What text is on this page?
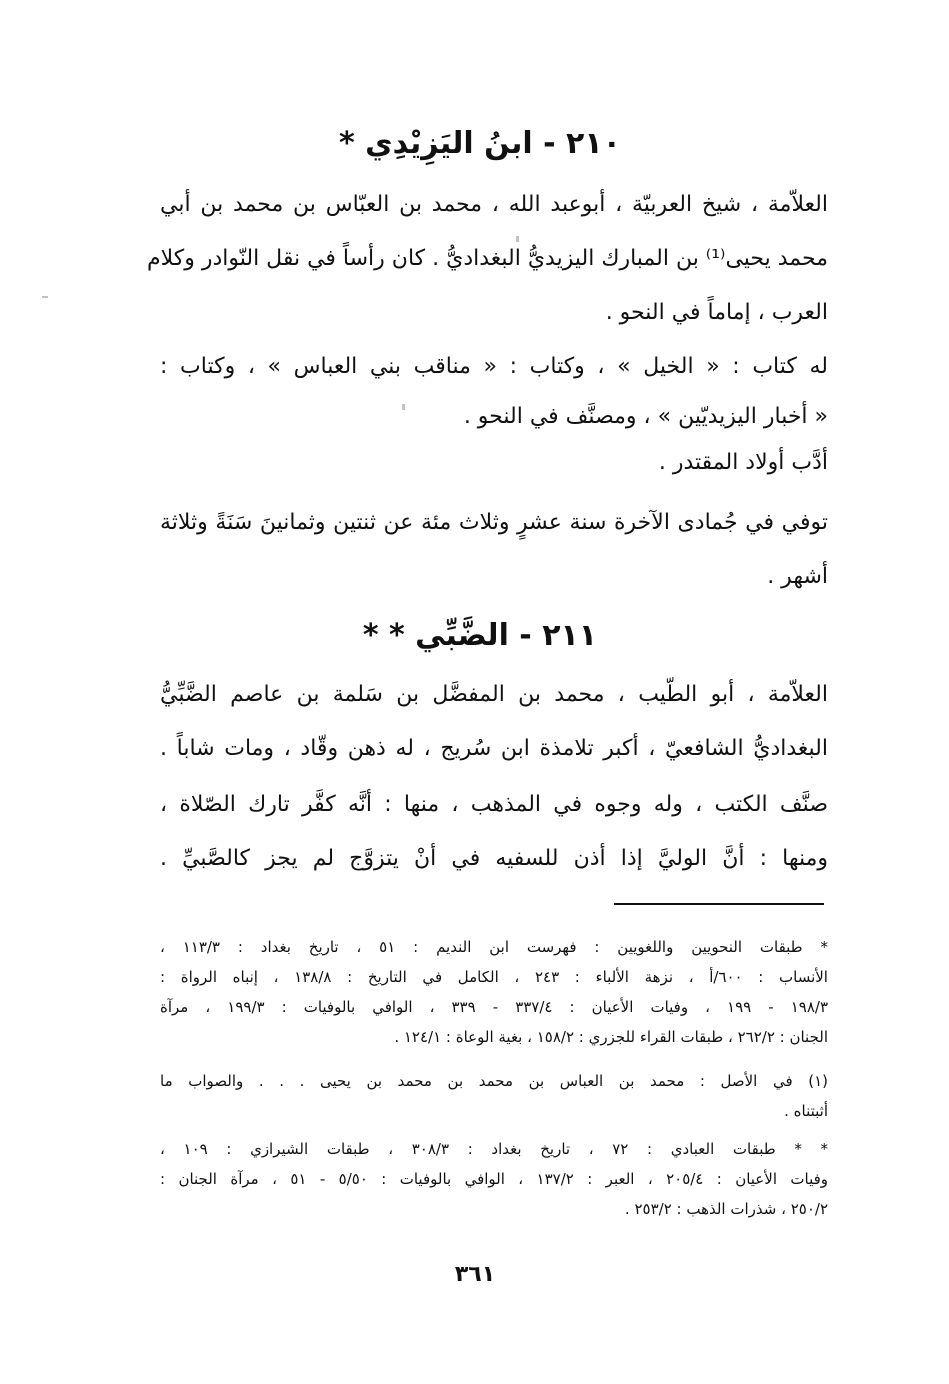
٢١٠ - ابنُ اليَزِيْدِي *
العلاّمة ، شيخ العربيّة ، أبوعبد الله ، محمد بن العبّاس بن محمد بن أبي
محمد يحيى⁽¹⁾ بن المبارك اليزيديُّ البغداديُّ . كان رأساً في نقل النّوادر وكلام
العرب ، إماماً في النحو .
له كتاب : « الخيل » ، وكتاب : « مناقب بني العباس » ، وكتاب :
« أخبار اليزيديّين » ، ومصنَّف في النحو .
أدَّب أولاد المقتدر .
توفي في جُمادى الآخرة سنة عشرٍ وثلاث مئة عن ثنتين وثمانينَ سَنَةً وثلاثة
أشهر .
٢١١ - الضَّبِّي * *
العلاّمة ، أبو الطّيب ، محمد بن المفضَّل بن سَلمة بن عاصم الضَّبِّيُّ
البغداديُّ الشافعيّ ، أكبر تلامذة ابن سُريج ، له ذهن وقّاد ، ومات شاباً .
صنَّف الكتب ، وله وجوه في المذهب ، منها : أنَّه كفَّر تارك الصّلاة ،
ومنها : أنَّ الوليَّ إذا أذن للسفيه في أنْ يتزوَّج لم يجز كالصَّبيِّ .
* طبقات النحويين واللغويين : فهرست ابن النديم : ٥١ ، تاريخ بغداد : ١١٣/٣ ،
الأنساب : ٦٠٠/أ ، نزهة الألباء : ٢٤٣ ، الكامل في التاريخ : ١٣٨/٨ ، إنباه الرواة :
١٩٨/٣ - ١٩٩ ، وفيات الأعيان : ٣٣٧/٤ - ٣٣٩ ، الوافي بالوفيات : ١٩٩/٣ ، مرآة
الجنان : ٢٦٢/٢ ، طبقات القراء للجزري : ١٥٨/٢ ، بغية الوعاة : ١٢٤/١ .
(١) في الأصل : محمد بن العباس بن محمد بن محمد بن يحيى . . . والصواب ما
أثبتناه .
* * طبقات العبادي : ٧٢ ، تاريخ بغداد : ٣٠٨/٣ ، طبقات الشيرازي : ١٠٩ ،
وفيات الأعيان : ٢٠٥/٤ ، العبر : ١٣٧/٢ ، الوافي بالوفيات : ٥/٥٠ - ٥١ ، مرآة الجنان :
٢٥٠/٢ ، شذرات الذهب : ٢٥٣/٢ .
٣٦١
